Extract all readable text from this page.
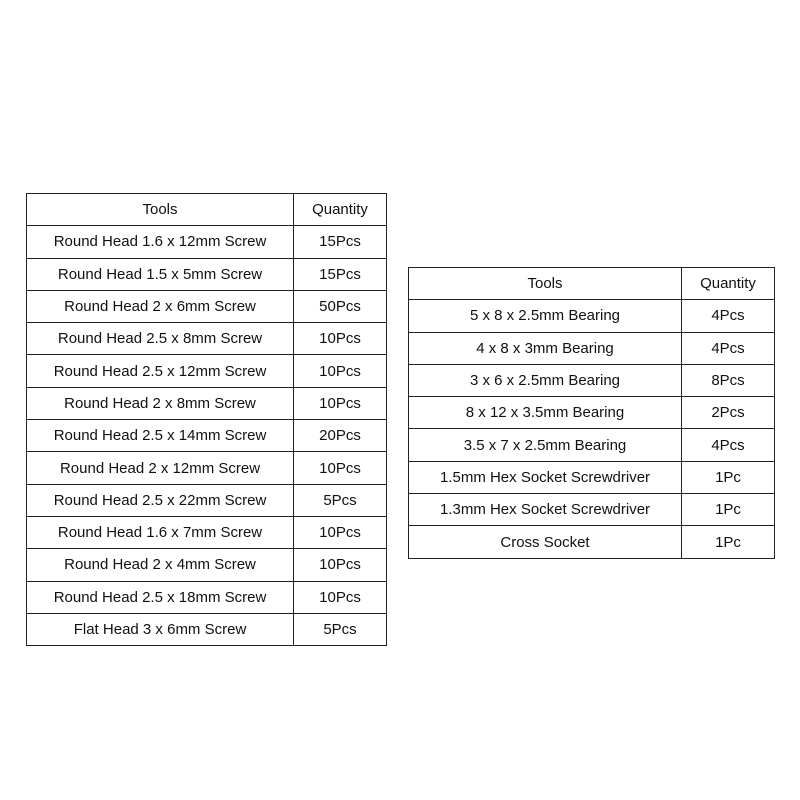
Tools	Quantity
Round Head 1.6 x 12mm Screw	15Pcs
Round Head 1.5 x 5mm Screw	15Pcs
Round Head 2 x 6mm Screw	50Pcs
Round Head 2.5 x 8mm Screw	10Pcs
Round Head 2.5 x 12mm Screw	10Pcs
Round Head 2 x 8mm Screw	10Pcs
Round Head 2.5 x 14mm Screw	20Pcs
Round Head 2 x 12mm Screw	10Pcs
Round Head 2.5 x 22mm Screw	5Pcs
Round Head 1.6 x 7mm Screw	10Pcs
Round Head 2 x 4mm Screw	10Pcs
Round Head 2.5 x 18mm Screw	10Pcs
Flat Head 3 x 6mm Screw	5Pcs
Tools	Quantity
5 x 8 x 2.5mm Bearing	4Pcs
4 x 8 x 3mm Bearing	4Pcs
3 x 6 x 2.5mm Bearing	8Pcs
8 x 12 x 3.5mm Bearing	2Pcs
3.5 x 7 x 2.5mm Bearing	4Pcs
1.5mm Hex Socket Screwdriver	1Pc
1.3mm Hex Socket Screwdriver	1Pc
Cross Socket	1Pc
